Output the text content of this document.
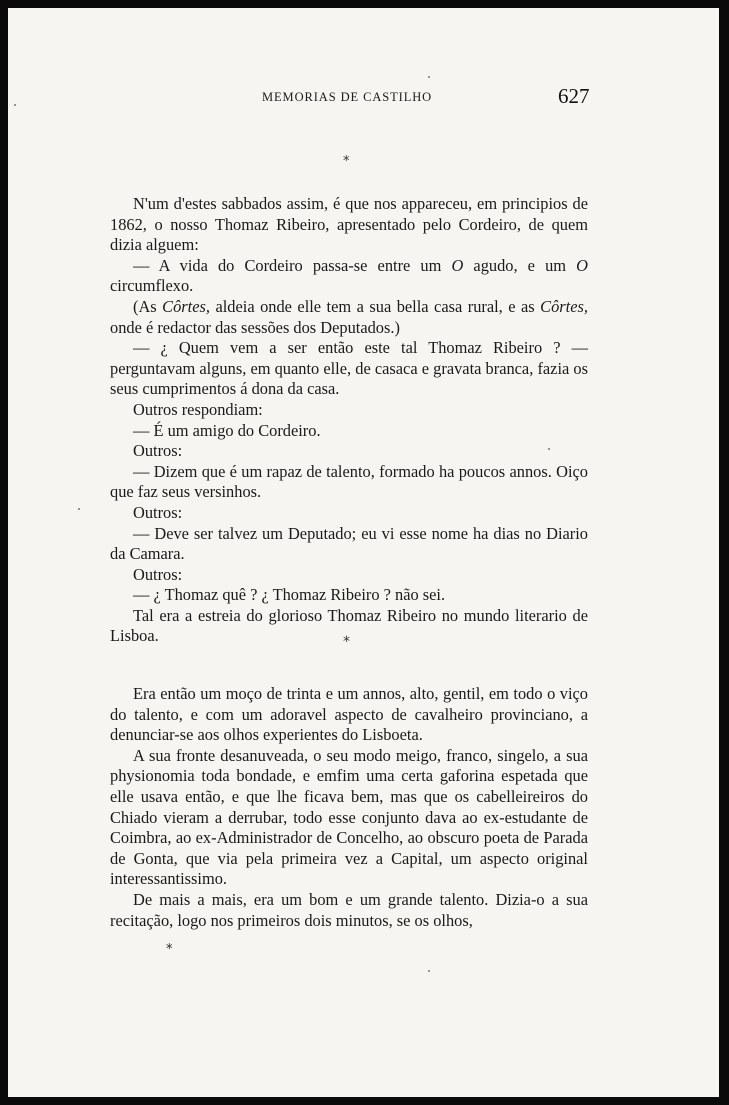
MEMORIAS DE CASTILHO	627
*

N'um d'estes sabbados assim, é que nos appareceu, em principios de 1862, o nosso Thomaz Ribeiro, apresentado pelo Cordeiro, de quem dizia alguem:

— A vida do Cordeiro passa-se entre um O agudo, e um O circumflexo.

(As Côrtes, aldeia onde elle tem a sua bella casa rural, e as Côrtes, onde é redactor das sessões dos Deputados.)

— ¿ Quem vem a ser então este tal Thomaz Ribeiro ? — perguntavam alguns, em quanto elle, de casaca e gravata branca, fazia os seus cumprimentos á dona da casa.

Outros respondiam:

— É um amigo do Cordeiro.

Outros:

— Dizem que é um rapaz de talento, formado ha poucos annos. Oiço que faz seus versinhos.

Outros:

— Deve ser talvez um Deputado; eu vi esse nome ha dias no Diario da Camara.

Outros:

— ¿ Thomaz quê ? ¿ Thomaz Ribeiro ? não sei.

Tal era a estreia do glorioso Thomaz Ribeiro no mundo literario de Lisboa.	*

Era então um moço de trinta e um annos, alto, gentil, em todo o viço do talento, e com um adoravel aspecto de cavalheiro provinciano, a denunciar-se aos olhos experientes do Lisboeta.

A sua fronte desanuveada, o seu modo meigo, franco, singelo, a sua physionomia toda bondade, e emfim uma certa gaforina espetada que elle usava então, e que lhe ficava bem, mas que os cabelleireiros do Chiado vieram a derrubar, todo esse conjunto dava ao ex-estudante de Coimbra, ao ex-Administrador de Concelho, ao obscuro poeta de Parada de Gonta, que via pela primeira vez a Capital, um aspecto original interessantissimo.

De mais a mais, era um bom e um grande talento. Dizia-o a sua recitação, logo nos primeiros dois minutos, se os olhos,

*
